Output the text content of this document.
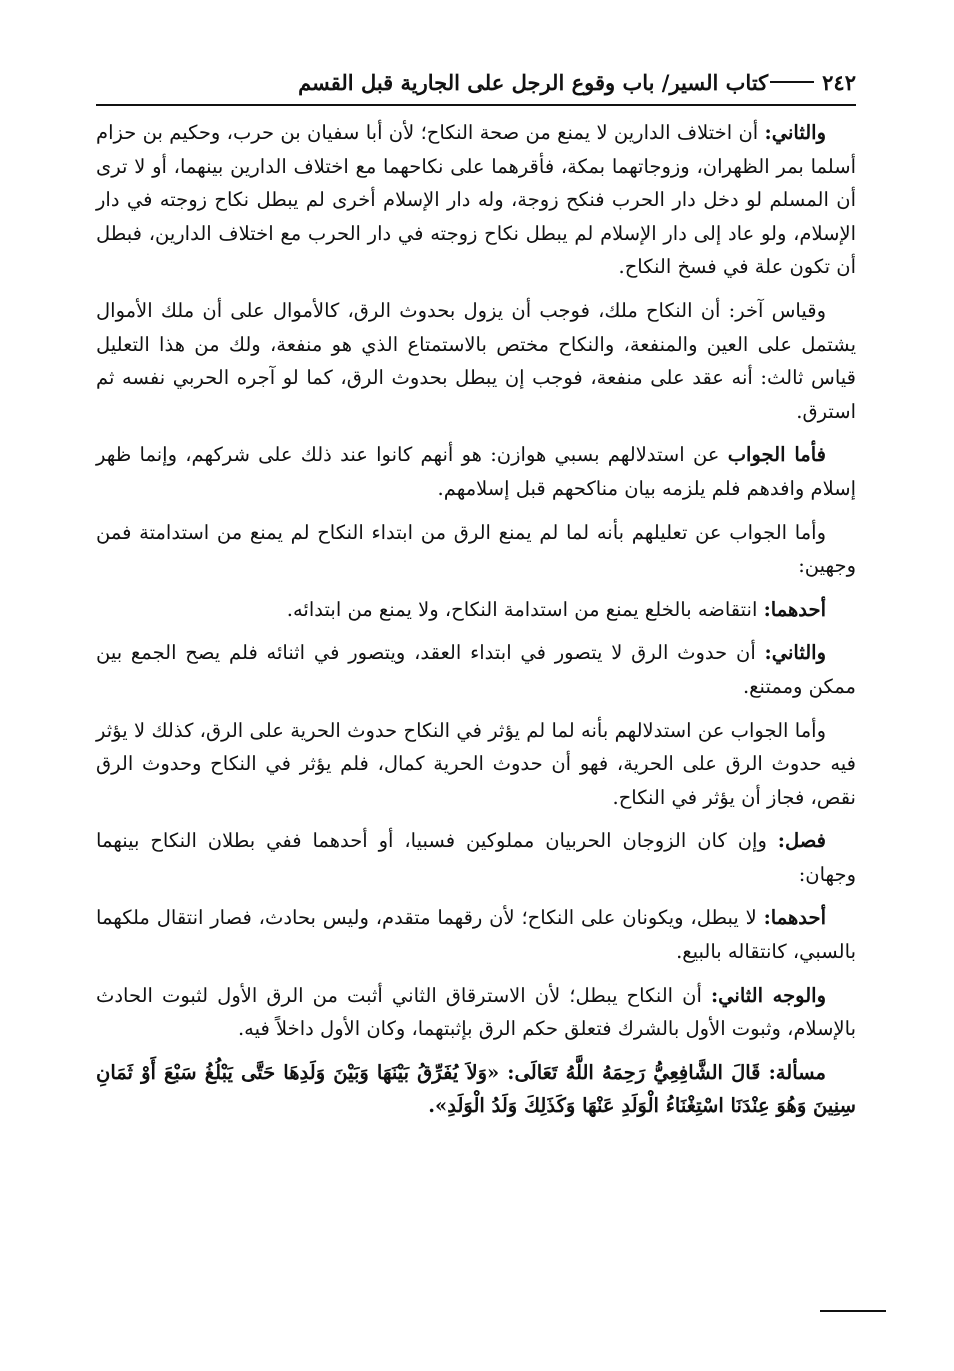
٢٤٢
كتاب السير/ باب وقوع الرجل على الجارية قبل القسم

والثاني: أن اختلاف الدارين لا يمنع من صحة النكاح؛ لأن أبا سفيان بن حرب، وحكيم بن حزام أسلما بمر الظهران، وزوجاتهما بمكة، فأقرهما على نكاحهما مع اختلاف الدارين بينهما، أو لا ترى أن المسلم لو دخل دار الحرب فنكح زوجة، وله دار الإسلام أخرى لم يبطل نكاح زوجته في دار الإسلام، ولو عاد إلى دار الإسلام لم يبطل نكاح زوجته في دار الحرب مع اختلاف الدارين، فبطل أن تكون علة في فسخ النكاح.

وقياس آخر: أن النكاح ملك، فوجب أن يزول بحدوث الرق، كالأموال على أن ملك الأموال يشتمل على العين والمنفعة، والنكاح مختص بالاستمتاع الذي هو منفعة، ولك من هذا التعليل قياس ثالث: أنه عقد على منفعة، فوجب إن يبطل بحدوث الرق، كما لو آجره الحربي نفسه ثم استرق.

فأما الجواب عن استدلالهم بسبي هوازن: هو أنهم كانوا عند ذلك على شركهم، وإنما ظهر إسلام وافدهم فلم يلزمه بيان مناكحهم قبل إسلامهم.

وأما الجواب عن تعليلهم بأنه لما لم يمنع الرق من ابتداء النكاح لم يمنع من استدامتة فمن وجهين:

أحدهما: انتقاضه بالخلع يمنع من استدامة النكاح، ولا يمنع من ابتدائه.

والثاني: أن حدوث الرق لا يتصور في ابتداء العقد، ويتصور في اثنائه فلم يصح الجمع بين ممكن وممتنع.

وأما الجواب عن استدلالهم بأنه لما لم يؤثر في النكاح حدوث الحرية على الرق، كذلك لا يؤثر فيه حدوث الرق على الحرية، فهو أن حدوث الحرية كمال، فلم يؤثر في النكاح وحدوث الرق نقص، فجاز أن يؤثر في النكاح.

فصل: وإن كان الزوجان الحربيان مملوكين فسبيا، أو أحدهما ففي بطلان النكاح بينهما وجهان:

أحدهما: لا يبطل، ويكونان على النكاح؛ لأن رقهما متقدم، وليس بحادث، فصار انتقال ملكهما بالسبي، كانتقاله بالبيع.

والوجه الثاني: أن النكاح يبطل؛ لأن الاسترقاق الثاني أثبت من الرق الأول لثبوت الحادث بالإسلام، وثبوت الأول بالشرك فتعلق حكم الرق بإثبتهما، وكان الأول داخلاً فيه.

مسألة: قَالَ الشَّافِعِيُّ رَحِمَهُ اللَّهُ تَعَالَى: «وَلاَ يُفَرِّقُ بَيْنَهَا وَبَيْنَ وَلَدِهَا حَتَّى يَبْلُغُ سَبْعَ أَوْ ثَمَانِ سِنِينَ وَهُوَ عِنْدَنَا اسْتِغْنَاءُ الْوَلَدِ عَنْهَا وَكَذَلِكَ وَلَدُ الْوَلَدِ».
